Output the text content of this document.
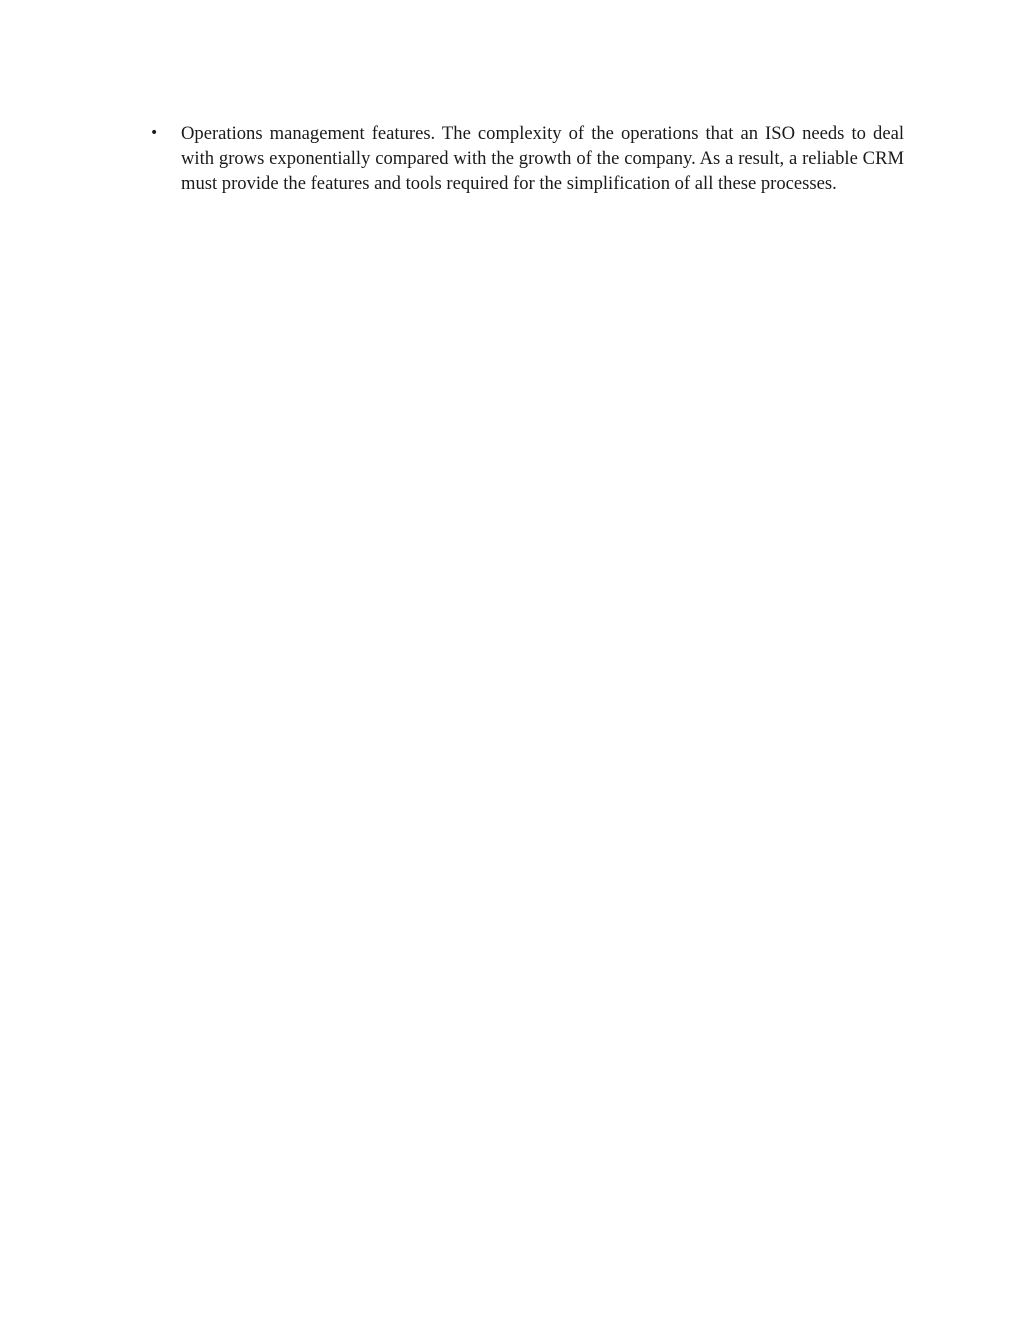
• Operations management features. The complexity of the operations that an ISO needs to deal with grows exponentially compared with the growth of the company. As a result, a reliable CRM must provide the features and tools required for the simplification of all these processes.
